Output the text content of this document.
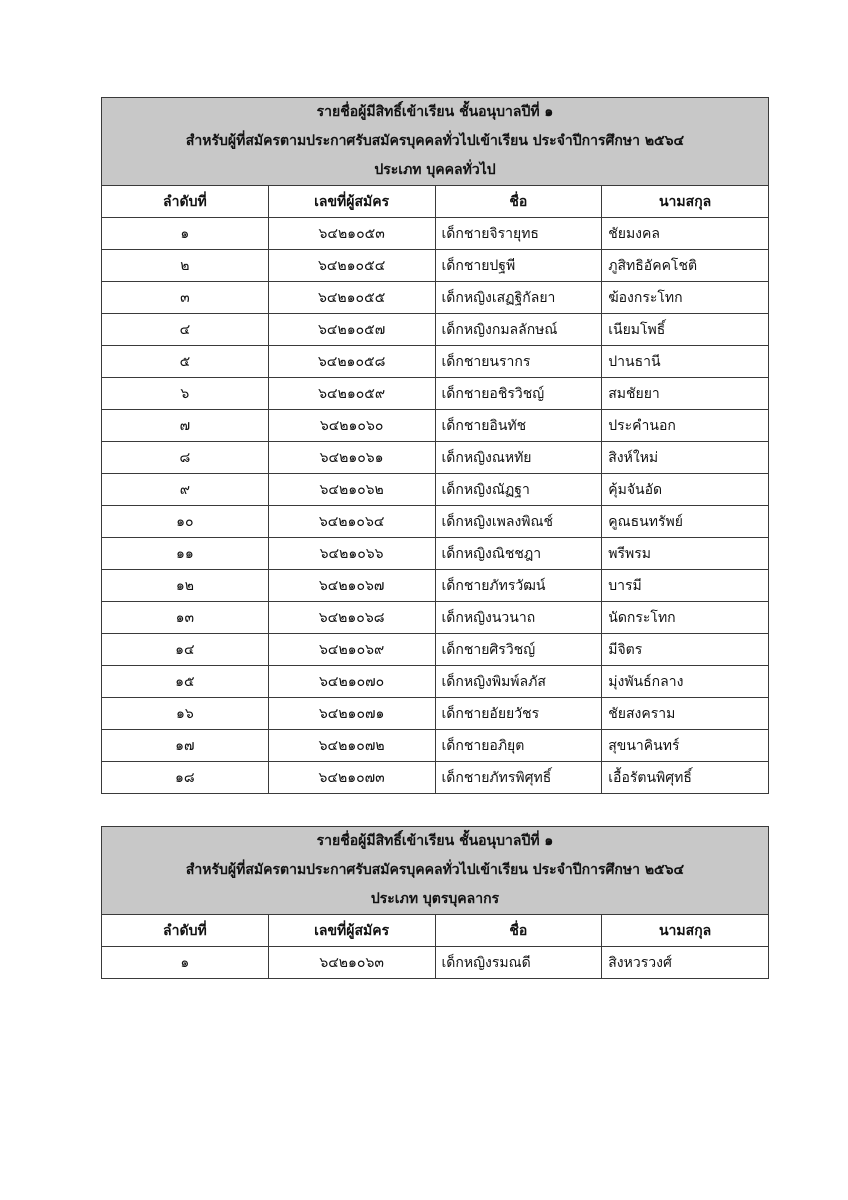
รายชื่อผู้มีสิทธิ์เข้าเรียน ชั้นอนุบาลปีที่ ๑
สำหรับผู้ที่สมัครตามประกาศรับสมัครบุคคลทั่วไปเข้าเรียน ประจำปีการศึกษา ๒๕๖๔
ประเภท บุคคลทั่วไป			

ลำดับที่	เลขที่ผู้สมัคร	ชื่อ	นามสกุล
๑	๖๔๒๑๐๕๓	เด็กชายจิรายุทธ	ชัยมงคล
๒	๖๔๒๑๐๕๔	เด็กชายปฐพี	ภูสิทธิอัคคโชติ
๓	๖๔๒๑๐๕๕	เด็กหญิงเสฏฐิกัลยา	ฆ้องกระโทก
๔	๖๔๒๑๐๕๗	เด็กหญิงกมลลักษณ์	เนียมโพธิ์
๕	๖๔๒๑๐๕๘	เด็กชายนรากร	ปานธานี
๖	๖๔๒๑๐๕๙	เด็กชายอชิรวิชญ์	สมชัยยา
๗	๖๔๒๑๐๖๐	เด็กชายอินทัช	ประคำนอก
๘	๖๔๒๑๐๖๑	เด็กหญิงณหทัย	สิงห์ใหม่
๙	๖๔๒๑๐๖๒	เด็กหญิงณัฏฐา	คุ้มจันอัด
๑๐	๖๔๒๑๐๖๔	เด็กหญิงเพลงพิณช์	คูณธนทรัพย์
๑๑	๖๔๒๑๐๖๖	เด็กหญิงณิชชฎา	พรีพรม
๑๒	๖๔๒๑๐๖๗	เด็กชายภัทรวัฒน์	บารมี
๑๓	๖๔๒๑๐๖๘	เด็กหญิงนวนาถ	นัดกระโทก
๑๔	๖๔๒๑๐๖๙	เด็กชายศิรวิชญ์	มีจิตร
๑๕	๖๔๒๑๐๗๐	เด็กหญิงพิมพ์ลภัส	มุ่งพันธ์กลาง
๑๖	๖๔๒๑๐๗๑	เด็กชายอัยยวัชร	ชัยสงคราม
๑๗	๖๔๒๑๐๗๒	เด็กชายอภิยุต	สุขนาคินทร์
๑๘	๖๔๒๑๐๗๓	เด็กชายภัทรพิศุทธิ์	เอื้อรัตนพิศุทธิ์
รายชื่อผู้มีสิทธิ์เข้าเรียน ชั้นอนุบาลปีที่ ๑
สำหรับผู้ที่สมัครตามประกาศรับสมัครบุคคลทั่วไปเข้าเรียน ประจำปีการศึกษา ๒๕๖๔
ประเภท บุตรบุคลากร			

ลำดับที่	เลขที่ผู้สมัคร	ชื่อ	นามสกุล
๑	๖๔๒๑๐๖๓	เด็กหญิงรมณดี	สิงหวรวงศ์
